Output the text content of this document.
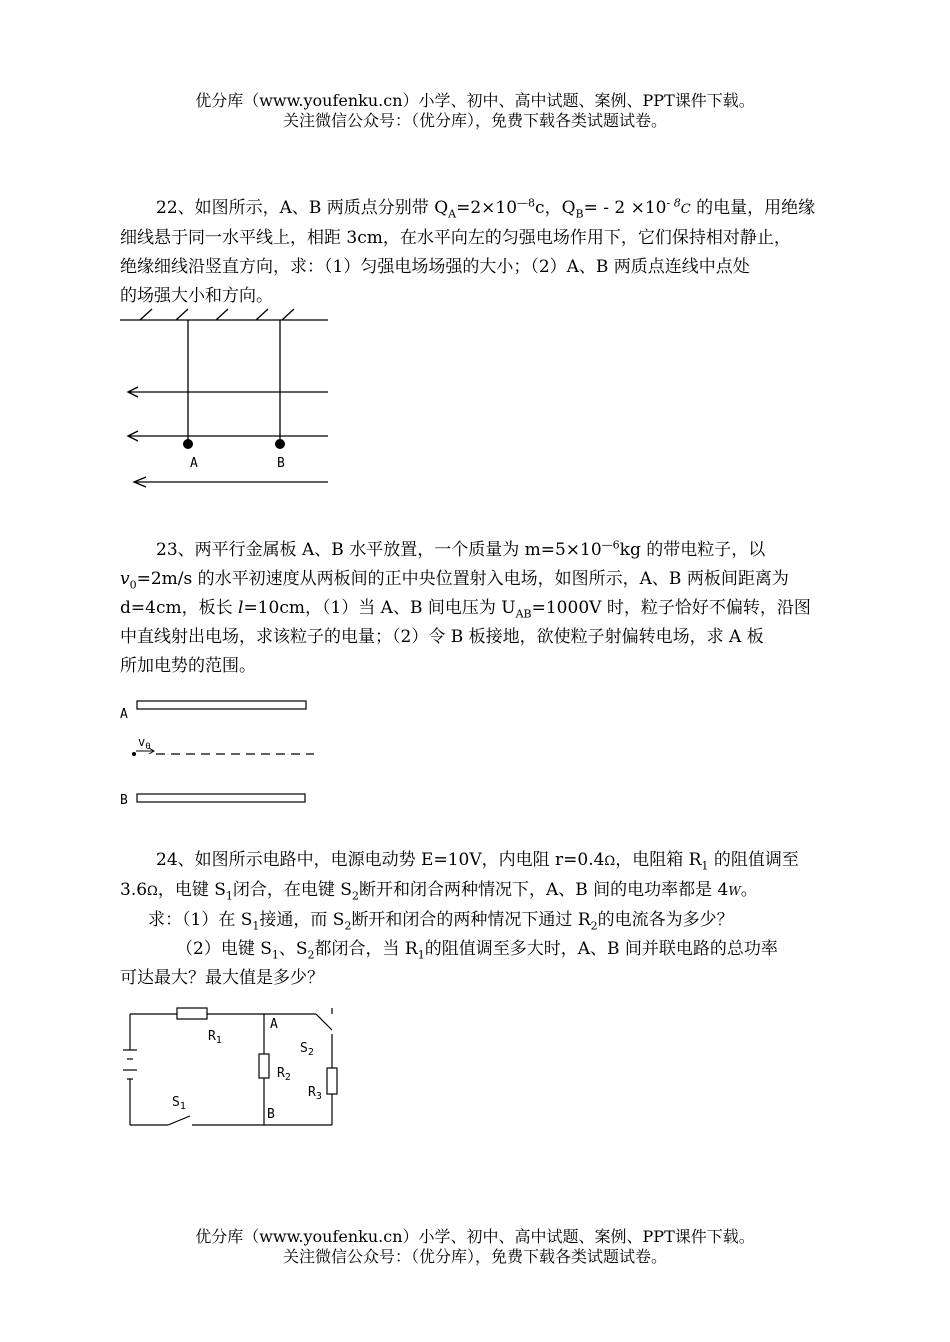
优分库（www.youfenku.cn）小学、初中、高中试题、案例、PPT课件下载。
关注微信公众号：（优分库），免费下载各类试题试卷。
22、如图所示，A、B 两质点分别带 $Q_A=2\times 10^{—8}c$，$Q_B= - 2 \times 10^{- 8}C$ 的电量，用绝缘
细线悬于同一水平线上，相距 3cm，在水平向左的匀强电场作用下，它们保持相对静止，
绝缘细线沿竖直方向，求：（1）匀强电场场强的大小；（2）A、B 两质点连线中点处
的场强大小和方向。
A	B
23、两平行金属板 A、B 水平放置，一个质量为 $m=5\times 10^{—6}kg$ 的带电粒子，以
$v_0=2m/s$ 的水平初速度从两板间的正中央位置射入电场，如图所示，A、B 两板间距离为
d=4cm，板长 l=10cm，（1）当 A、B 间电压为 $U_{AB}=1000V$ 时，粒子恰好不偏转，沿图
中直线射出电场，求该粒子的电量；（2）令 B 板接地，欲使粒子射偏转电场，求 A 板
所加电势的范围。
A
B
$v_0$
24、如图所示电路中，电源电动势 E=10V，内电阻 r=0.4Ω，电阻箱 $R_1$ 的阻值调至
3.6Ω，电键 $S_1$闭合，在电键 $S_2$断开和闭合两种情况下，A、B 间的电功率都是 4W。
求：（1）在 $S_1$接通，而 $S_2$断开和闭合的两种情况下通过 $R_2$的电流各为多少？
（2）电键 $S_1$、$S_2$都闭合，当 $R_1$的阻值调至多大时，A、B 间并联电路的总功率
可达最大？最大值是多少？
$R_1$
A
$S_2$
$R_2$
$R_3$
$S_1$
B
优分库（www.youfenku.cn）小学、初中、高中试题、案例、PPT课件下载。
关注微信公众号：（优分库），免费下载各类试题试卷。
